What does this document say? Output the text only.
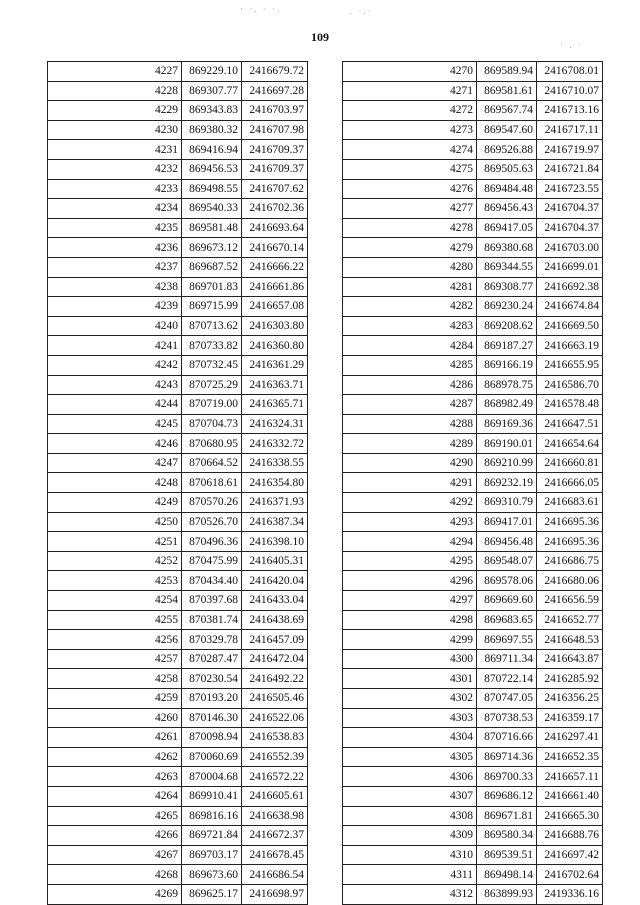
109
· ·. · ·.	. ·.·
· . ·
4227	869229.10	2416679.72
4228	869307.77	2416697.28
4229	869343.83	2416703.97
4230	869380.32	2416707.98
4231	869416.94	2416709.37
4232	869456.53	2416709.37
4233	869498.55	2416707.62
4234	869540.33	2416702.36
4235	869581.48	2416693.64
4236	869673.12	2416670.14
4237	869687.52	2416666.22
4238	869701.83	2416661.86
4239	869715.99	2416657.08
4240	870713.62	2416303.80
4241	870733.82	2416360.80
4242	870732.45	2416361.29
4243	870725.29	2416363.71
4244	870719.00	2416365.71
4245	870704.73	2416324.31
4246	870680.95	2416332.72
4247	870664.52	2416338.55
4248	870618.61	2416354.80
4249	870570.26	2416371.93
4250	870526.70	2416387.34
4251	870496.36	2416398.10
4252	870475.99	2416405.31
4253	870434.40	2416420.04
4254	870397.68	2416433.04
4255	870381.74	2416438.69
4256	870329.78	2416457.09
4257	870287.47	2416472.04
4258	870230.54	2416492.22
4259	870193.20	2416505.46
4260	870146.30	2416522.06
4261	870098.94	2416538.83
4262	870060.69	2416552.39
4263	870004.68	2416572.22
4264	869910.41	2416605.61
4265	869816.16	2416638.98
4266	869721.84	2416672.37
4267	869703.17	2416678.45
4268	869673.60	2416686.54
4269	869625.17	2416698.97
4270	869589.94	2416708.01
4271	869581.61	2416710.07
4272	869567.74	2416713.16
4273	869547.60	2416717.11
4274	869526.88	2416719.97
4275	869505.63	2416721.84
4276	869484.48	2416723.55
4277	869456.43	2416704.37
4278	869417.05	2416704.37
4279	869380.68	2416703.00
4280	869344.55	2416699.01
4281	869308.77	2416692.38
4282	869230.24	2416674.84
4283	869208.62	2416669.50
4284	869187.27	2416663.19
4285	869166.19	2416655.95
4286	868978.75	2416586.70
4287	868982.49	2416578.48
4288	869169.36	2416647.51
4289	869190.01	2416654.64
4290	869210.99	2416660.81
4291	869232.19	2416666.05
4292	869310.79	2416683.61
4293	869417.01	2416695.36
4294	869456.48	2416695.36
4295	869548.07	2416686.75
4296	869578.06	2416680.06
4297	869669.60	2416656.59
4298	869683.65	2416652.77
4299	869697.55	2416648.53
4300	869711.34	2416643.87
4301	870722.14	2416285.92
4302	870747.05	2416356.25
4303	870738.53	2416359.17
4304	870716.66	2416297.41
4305	869714.36	2416652.35
4306	869700.33	2416657.11
4307	869686.12	2416661.40
4308	869671.81	2416665.30
4309	869580.34	2416688.76
4310	869539.51	2416697.42
4311	869498.14	2416702.64
4312	863899.93	2419336.16
